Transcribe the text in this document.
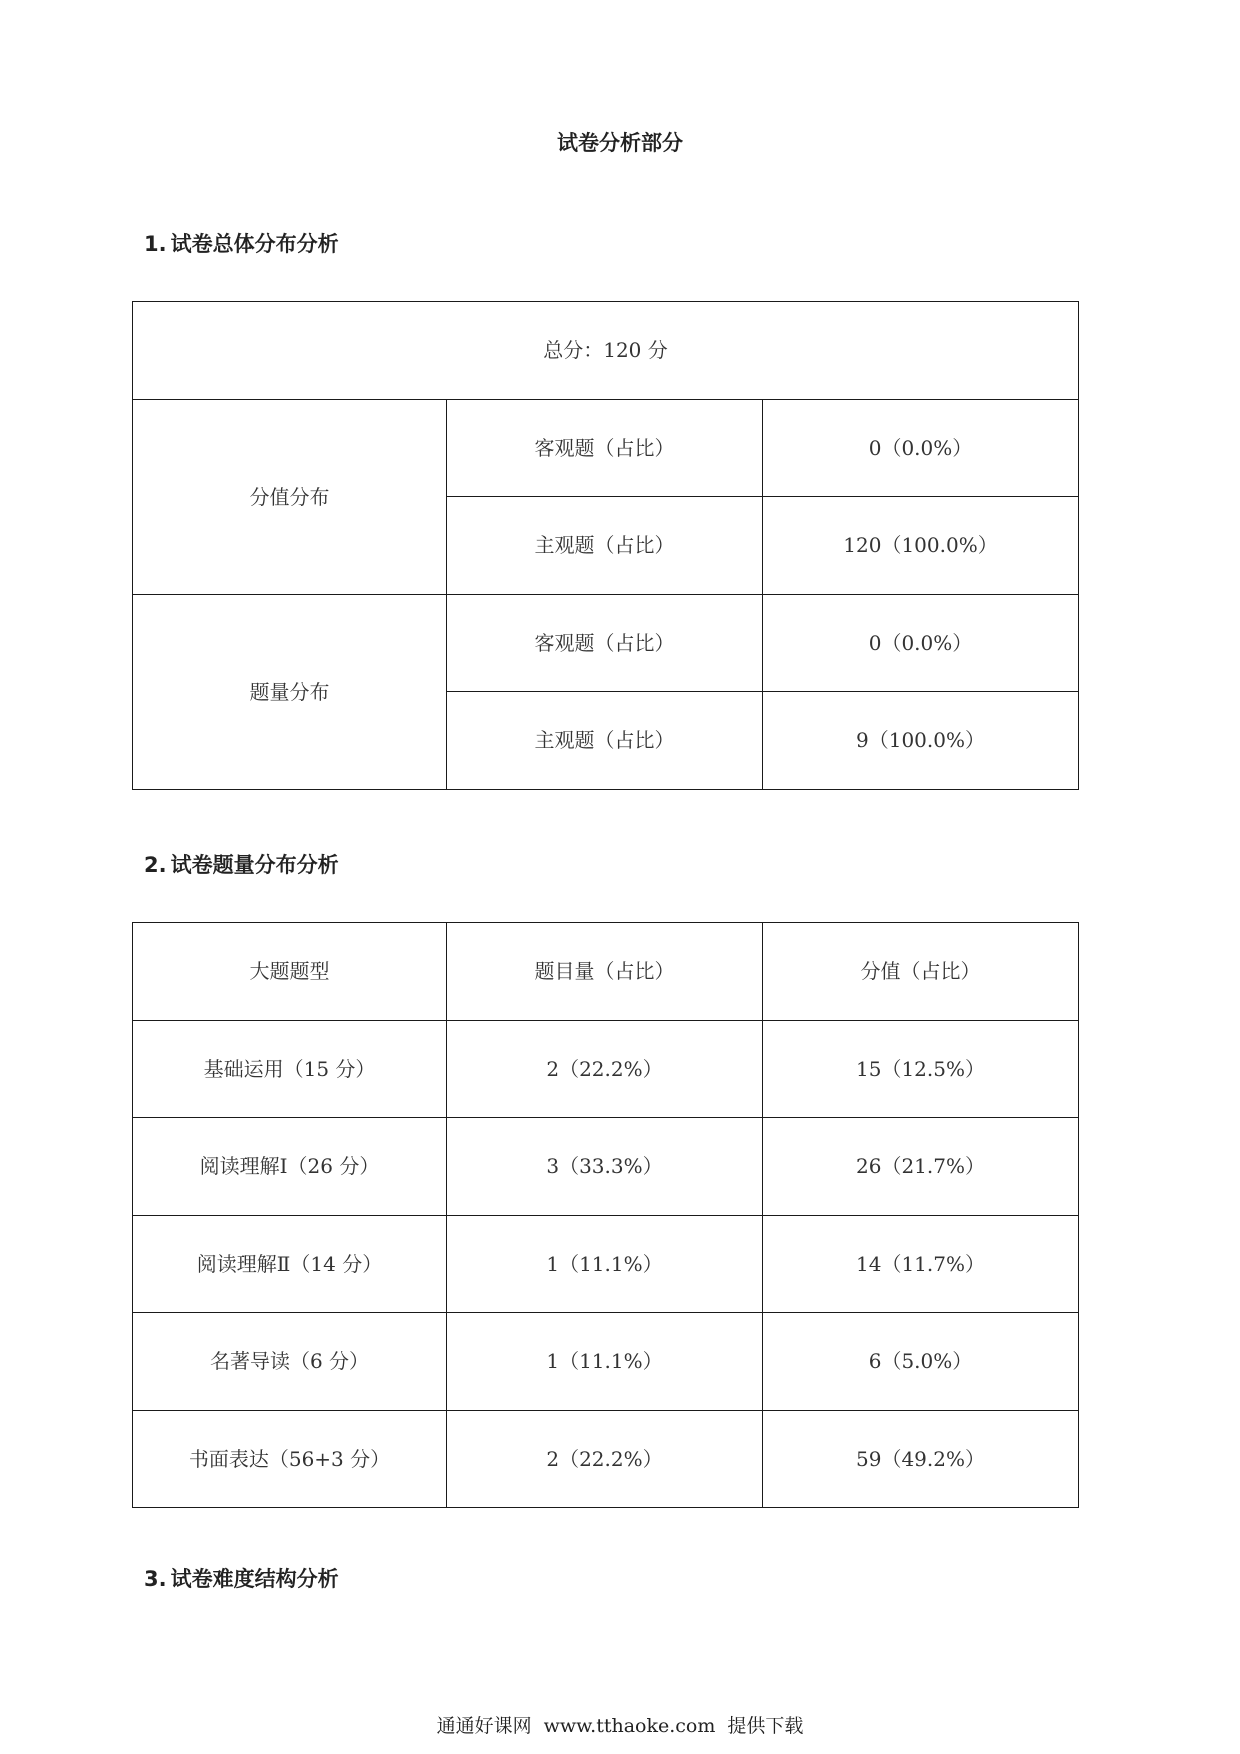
试卷分析部分
1. 试卷总体分布分析
总分：120 分		
分值分布	客观题（占比）	0（0.0%）
	主观题（占比）	120（100.0%）
题量分布	客观题（占比）	0（0.0%）
	主观题（占比）	9（100.0%）
2. 试卷题量分布分析
大题题型	题目量（占比）	分值（占比）
基础运用（15 分）	2（22.2%）	15（12.5%）
阅读理解Ⅰ（26 分）	3（33.3%）	26（21.7%）
阅读理解Ⅱ（14 分）	1（11.1%）	14（11.7%）
名著导读（6 分）	1（11.1%）	6（5.0%）
书面表达（56+3 分）	2（22.2%）	59（49.2%）
3. 试卷难度结构分析
通通好课网 www.tthaoke.com 提供下载
